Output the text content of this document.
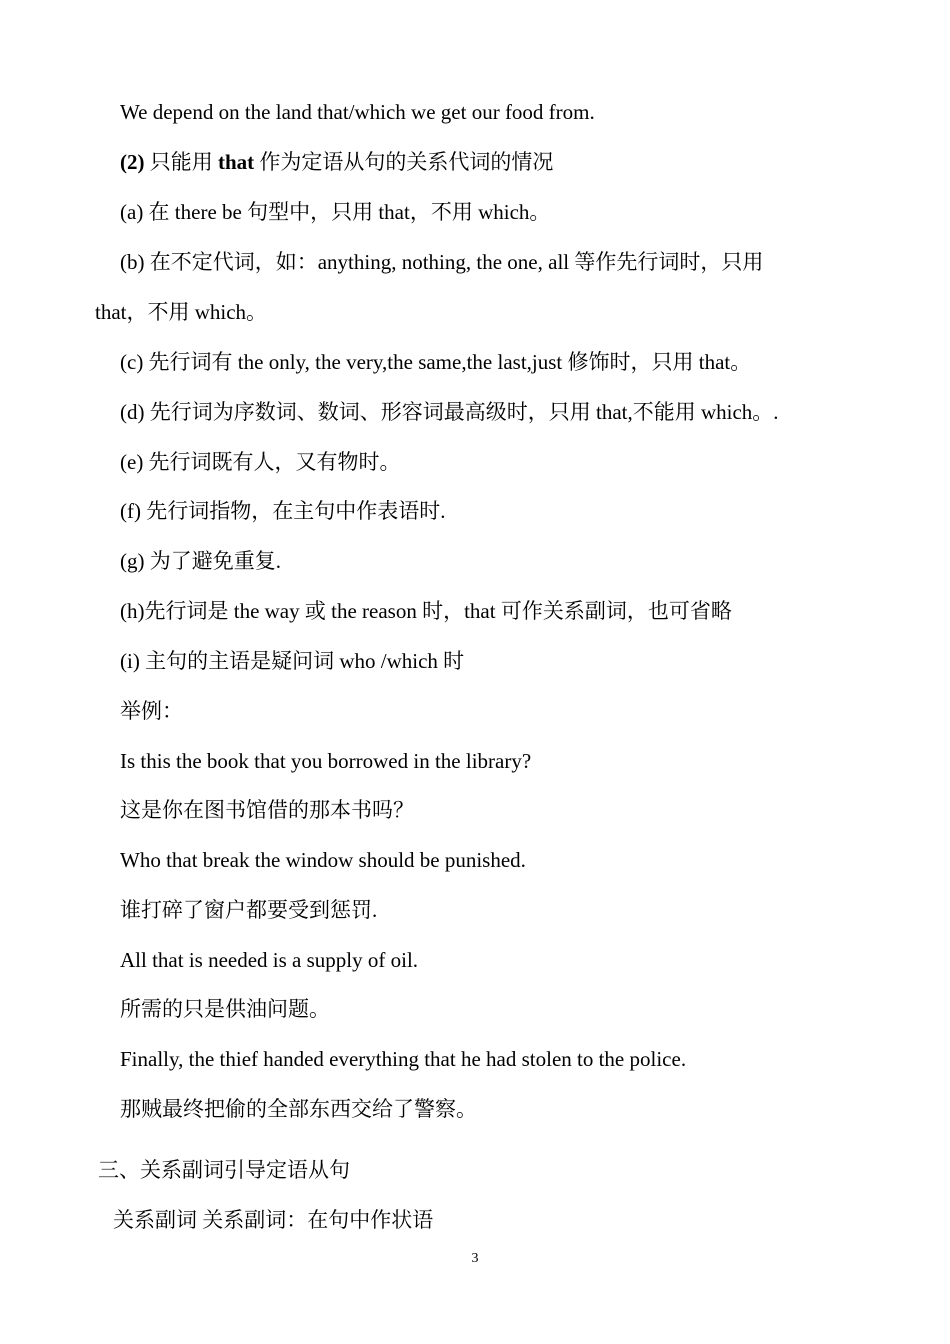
We depend on the land that/which we get our food from.
(2) 只能用 that 作为定语从句的关系代词的情况
(a) 在 there be 句型中，只用 that，不用 which。
(b) 在不定代词，如：anything, nothing, the one, all 等作先行词时，只用
that，不用 which。
(c) 先行词有 the only, the very,the same,the last,just 修饰时，只用 that。
(d) 先行词为序数词、数词、形容词最高级时，只用 that,不能用 which。.
(e) 先行词既有人，又有物时。
(f) 先行词指物，在主句中作表语时.
(g) 为了避免重复.
(h)先行词是 the way 或 the reason 时，that 可作关系副词，也可省略
(i) 主句的主语是疑问词 who /which 时
举例：
Is this the book that you borrowed in the library?
这是你在图书馆借的那本书吗？
Who that break the window should be punished.
谁打碎了窗户都要受到惩罚.
All that is needed is a supply of oil.
所需的只是供油问题。
Finally, the thief handed everything that he had stolen to the police.
那贼最终把偷的全部东西交给了警察。
三、关系副词引导定语从句
关系副词 关系副词：在句中作状语
3
